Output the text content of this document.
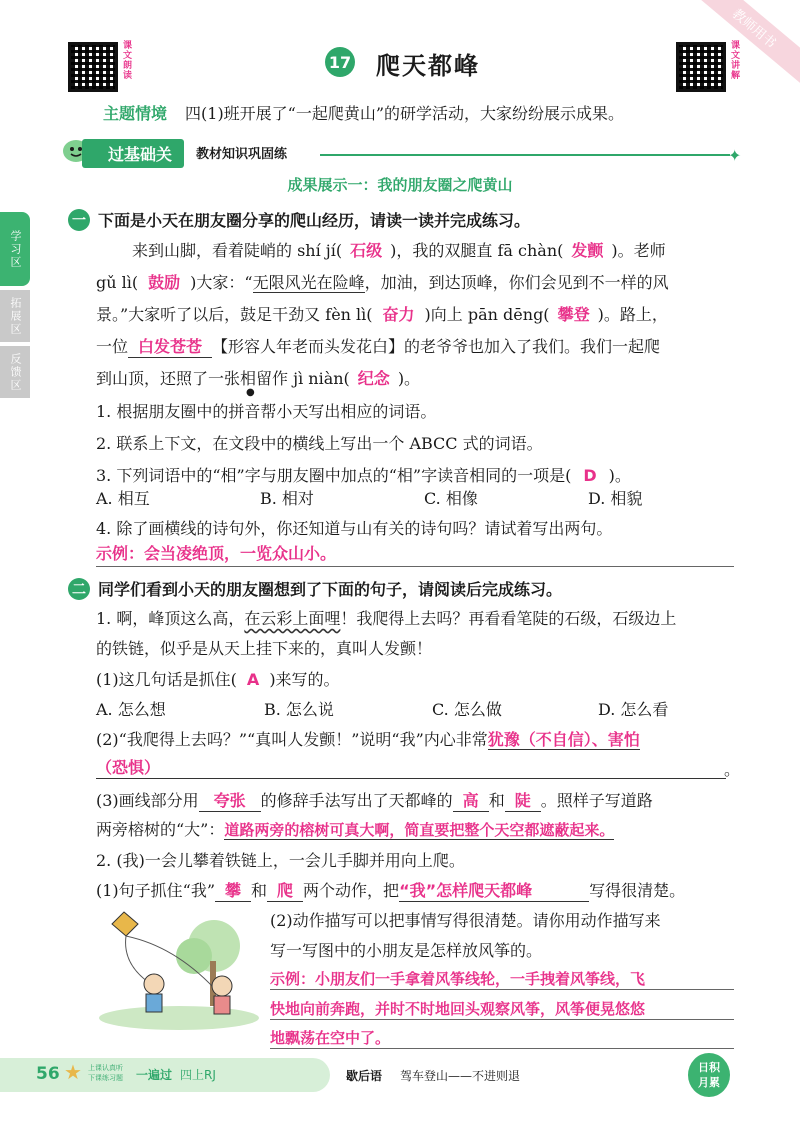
教师用书
课文朗读	课文讲解
17 爬天都峰
主题情境 四(1)班开展了“一起爬黄山”的研学活动，大家纷纷展示成果。
过基础关	教材知识巩固练	✦
学习区
拓展区
反馈区
成果展示一：我的朋友圈之爬黄山
一 下面是小天在朋友圈分享的爬山经历，请读一读并完成练习。
来到山脚，看着陡峭的 shí jí( 石级 )，我的双腿直 fā chàn( 发颤 )。老师
gǔ lì( 鼓励 )大家：“无限风光在险峰，加油，到达顶峰，你们会见到不一样的风
景。”大家听了以后，鼓足干劲又 fèn lì( 奋力 )向上 pān dēng( 攀登 )。路上，
一位 白发苍苍 【形容人年老而头发花白】的老爷爷也加入了我们。我们一起爬
到山顶，还照了一张相
●
留作 jì niàn( 纪念 )。
1. 根据朋友圈中的拼音帮小天写出相应的词语。
2. 联系上下文，在文段中的横线上写出一个 ABCC 式的词语。
3. 下列词语中的“相”字与朋友圈中加点的“相”字读音相同的一项是( D )。
A. 相互	B. 相对	C. 相像	D. 相貌
4. 除了画横线的诗句外，你还知道与山有关的诗句吗？请试着写出两句。
示例：会当凌绝顶，一览众山小。
二 同学们看到小天的朋友圈想到了下面的句子，请阅读后完成练习。
1. 啊，峰顶这么高，在云彩上面哩！我爬得上去吗？再看看笔陡的石级，石级边上
的铁链，似乎是从天上挂下来的，真叫人发颤！
(1)这几句话是抓住( A )来写的。
A. 怎么想	B. 怎么说	C. 怎么做	D. 怎么看
(2)“我爬得上去吗？”“真叫人发颤！”说明“我”内心非常犹豫（不自信）、害怕
（恐惧）	。
(3)画线部分用 夸张 的修辞手法写出了天都峰的 高 和 陡 。照样子写道路
两旁榕树的“大”：道路两旁的榕树可真大啊，简直要把整个天空都遮蔽起来。
2. (我)一会儿攀着铁链上，一会儿手脚并用向上爬。
(1)句子抓住“我” 攀 和 爬 两个动作，把“我”怎样爬天都峰	写得很清楚。
(2)动作描写可以把事情写得很清楚。请你用动作描写来
写一写图中的小朋友是怎样放风筝的。
示例：小朋友们一手拿着风筝线轮，一手拽着风筝线，飞
快地向前奔跑，并时不时地回头观察风筝，风筝便晃悠悠
地飘荡在空中了。
56 ★ 上课认真听
下课练习题 一遍过 四上RJ	歇后语 驾车登山——不进则退
日积
月累
